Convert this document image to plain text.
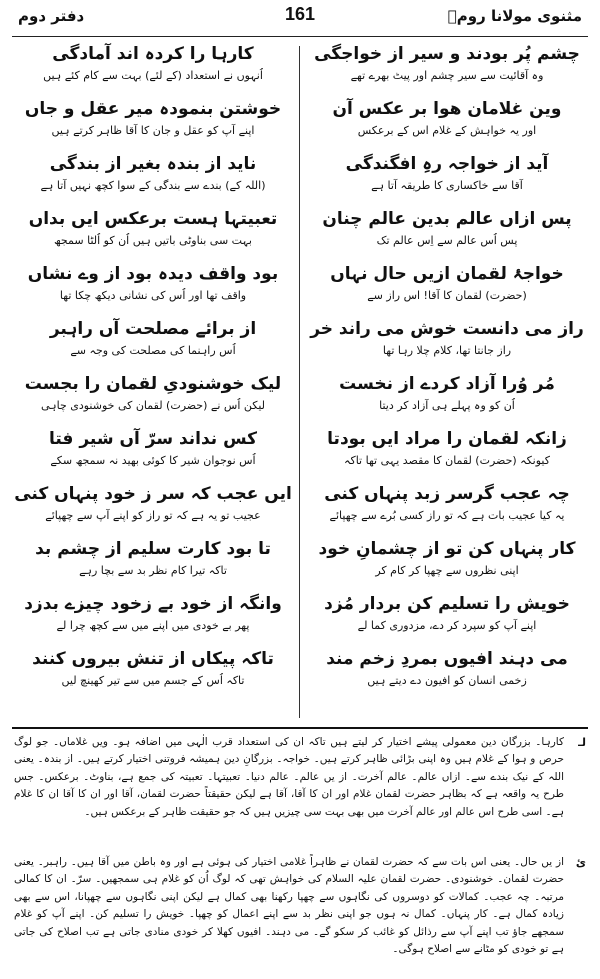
مثنوی مولانا رومؒ
161
دفتر دوم
چشم پُر بودند و سیر از خواجگی
وہ آقائیت سے سیر چشم اور پیٹ بھرے تھے
وین غلامان هوا بر عکس آن
اور یہ خواہش کے غلام اس کے برعکس
آید از خواجہ رہِ افگندگی
آقا سے خاکساری کا طریقہ آتا ہے
پس ازاں عالم بدین عالم چنان
پس اُس عالم سے اِس عالم تک
خواجۂ لقمان ازیں حال نہاں
(حضرت) لقمان کا آقا! اس راز سے
راز می دانست خوش می راند خر
راز جانتا تھا، کلام چلا رہا تھا
مُر وُرا آزاد کردے از نخست
اُن کو وہ پہلے ہی آزاد کر دیتا
زانکہ لقمان را مراد ایں بودتا
کیونکہ (حضرت) لقمان کا مقصد یہی تھا تاکہ
چہ عجب گرسر زبد پنہاں کنی
یہ کیا عجیب بات ہے کہ تو راز کسی بُرے سے چھپائے
کار پنہاں کن تو از چشمانِ خود
اپنی نظروں سے چھپا کر کام کر
خویش را تسلیم کن بردار مُزد
اپنے آپ کو سپرد کر دے، مزدوری کما لے
می دہند افیوں بمردِ زخم مند
زخمی انسان کو افیون دے دیتے ہیں
کارہا را کردہ اند آمادگی
اُنہوں نے استعداد (کے لئے) بہت سے کام کئے ہیں
خوشتن بنمودہ میر عقل و جاں
اپنے آپ کو عقل و جان کا آقا ظاہر کرتے ہیں
ناید از بندہ بغیر از بندگی
(اللہ کے) بندے سے بندگی کے سوا کچھ نہیں آتا ہے
تعبیتہا ہست برعکس ایں بداں
بہت سی بناوٹی باتیں ہیں اُن کو اُلٹا سمجھ
بود واقف دیدہ بود از وے نشاں
واقف تھا اور اُس کی نشانی دیکھ چکا تھا
از برائے مصلحت آں راہبر
اُس راہنما کی مصلحت کی وجہ سے
لیک خوشنودیِ لقمان را بجست
لیکن اُس نے (حضرت) لقمان کی خوشنودی چاہی
کس نداند سرّ آں شیر فتا
اُس نوجوان شیر کا کوئی بھید نہ سمجھ سکے
ایں عجب کہ سر ز خود پنہاں کنی
عجیب تو یہ ہے کہ تو راز کو اپنے آپ سے چھپائے
تا بود کارت سلیم از چشم بد
تاکہ تیرا کام نظر بد سے بچا رہے
وانگہ از خود بے زخود چیزے بدزد
پھر بے خودی میں اپنے میں سے کچھ چرا لے
تاکہ پیکاں از تنش بیروں کنند
تاکہ اُس کے جسم میں سے تیر کھینچ لیں
لـ
کارہا۔ بزرگان دین معمولی پیشے اختیار کر لیتے ہیں تاکہ ان کی استعداد قرب الٰہی میں اضافہ ہو۔ ویں غلاماں۔ جو لوگ حرص و ہوا کے غلام ہیں وہ اپنی بڑائی ظاہر کرتے ہیں۔ خواجہ۔ بزرگانِ دین ہمیشہ فروتنی اختیار کرتے ہیں۔ از بندہ۔ یعنی اللہ کے نیک بندے سے۔ ازاں عالم۔ عالم آخرت۔ از یں عالم۔ عالم دنیا۔ تعبیتہا۔ تعبیتہ کی جمع ہے، بناوٹ۔ برعکس۔ جس طرح یہ واقعہ ہے کہ بظاہر حضرت لقمان غلام اور ان کا آقا، آقا ہے لیکن حقیقتاً حضرت لقمان، آقا اور ان کا آقا ان کا غلام ہے۔ اسی طرح اس عالم اور عالم آخرت میں بھی بہت سی چیزیں ہیں کہ جو حقیقت ظاہر کے برعکس ہیں۔
ئ
از یں حال۔ یعنی اس بات سے کہ حضرت لقمان نے ظاہراً غلامی اختیار کی ہوئی ہے اور وہ باطن میں آقا ہیں۔ راہبر۔ یعنی حضرت لقمان۔ خوشنودی۔ حضرت لقمان علیہ السلام کی خواہش تھی کہ لوگ اُن کو غلام ہی سمجھیں۔ سرّ۔ ان کا کمالی مرتبہ۔ چہ عجب۔ کمالات کو دوسروں کی نگاہوں سے چھپا رکھنا بھی کمال ہے لیکن اپنی نگاہوں سے چھپانا، اس سے بھی زیادہ کمال ہے۔ کار پنہاں۔ کمال نہ ہوں جو اپنی نظر بد سے اپنے اعمال کو چھپا۔ خویش را تسلیم کن۔ اپنے آپ کو غلام سمجھے جاؤ تب اپنے آپ سے رذائل کو غائب کر سکو گے۔ می دہند۔ افیوں کھلا کر خودی منادی جاتی ہے تب اصلاح کی جاتی ہے تو خودی کو مٹانے سے اصلاح ہوگی۔
